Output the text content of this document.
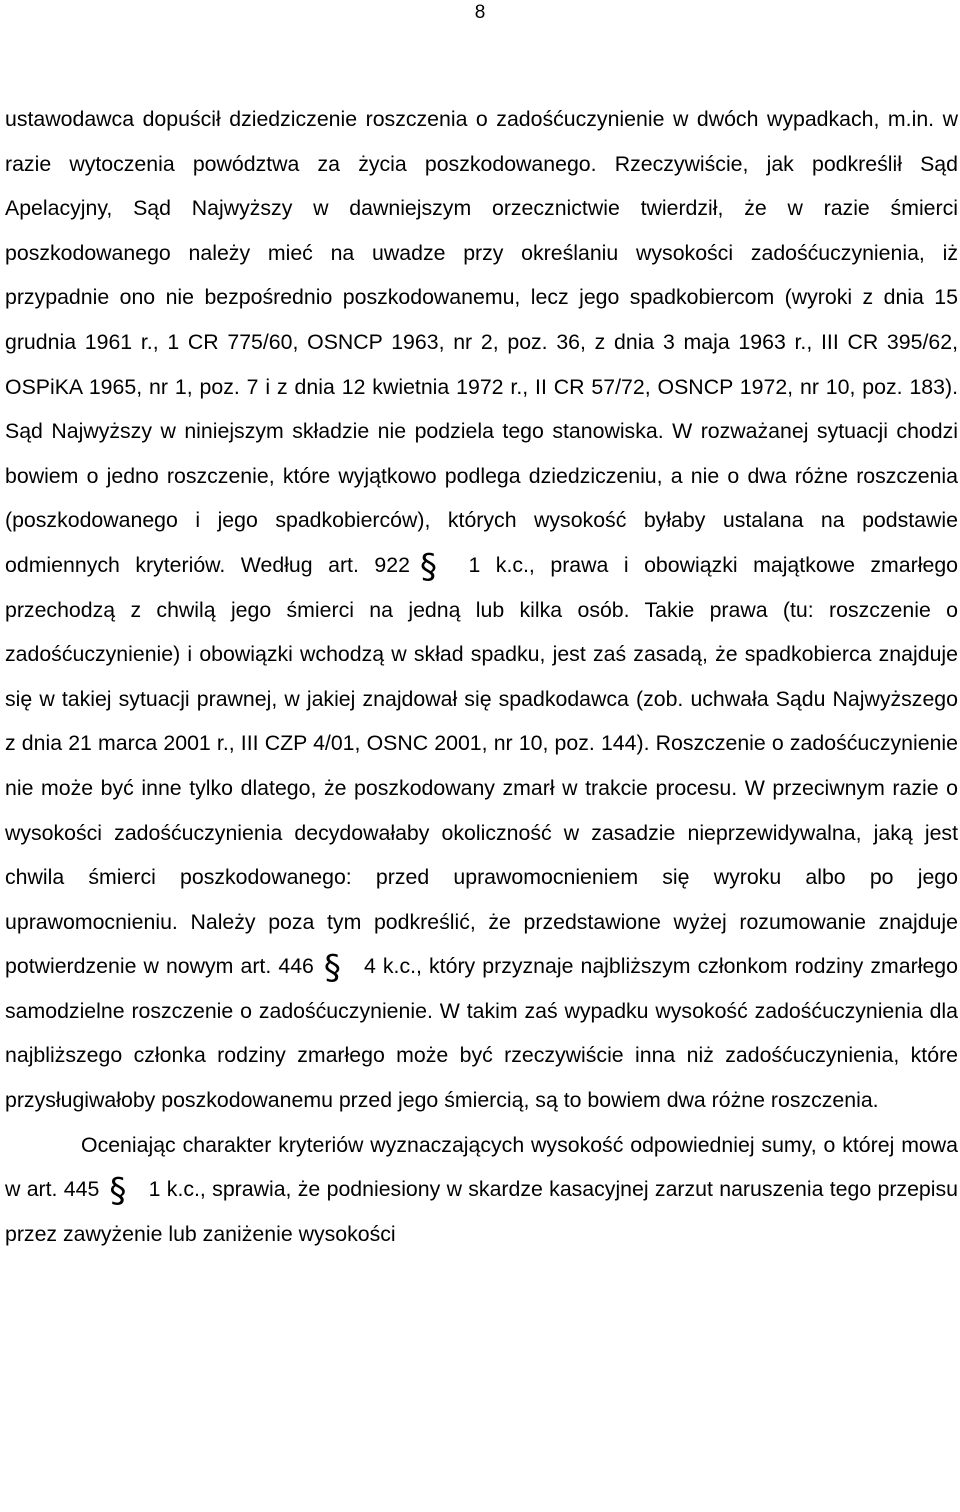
8

ustawodawca dopuścił dziedziczenie roszczenia o zadośćuczynienie w dwóch wypadkach, m.in. w razie wytoczenia powództwa za życia poszkodowanego. Rzeczywiście, jak podkreślił Sąd Apelacyjny, Sąd Najwyższy w dawniejszym orzecznictwie twierdził, że w razie śmierci poszkodowanego należy mieć na uwadze przy określaniu wysokości zadośćuczynienia, iż przypadnie ono nie bezpośrednio poszkodowanemu, lecz jego spadkobiercom (wyroki z dnia 15 grudnia 1961 r., 1 CR 775/60, OSNCP 1963, nr 2, poz. 36, z dnia 3 maja 1963 r., III CR 395/62, OSPiKA 1965, nr 1, poz. 7 i z dnia 12 kwietnia 1972 r., II CR 57/72, OSNCP 1972, nr 10, poz. 183). Sąd Najwyższy w niniejszym składzie nie podziela tego stanowiska. W rozważanej sytuacji chodzi bowiem o jedno roszczenie, które wyjątkowo podlega dziedziczeniu, a nie o dwa różne roszczenia (poszkodowanego i jego spadkobierców), których wysokość byłaby ustalana na podstawie odmiennych kryteriów. Według art. 922 § 1 k.c., prawa i obowiązki majątkowe zmarłego przechodzą z chwilą jego śmierci na jedną lub kilka osób. Takie prawa (tu: roszczenie o zadośćuczynienie) i obowiązki wchodzą w skład spadku, jest zaś zasadą, że spadkobierca znajduje się w takiej sytuacji prawnej, w jakiej znajdował się spadkodawca (zob. uchwała Sądu Najwyższego z dnia 21 marca 2001 r., III CZP 4/01, OSNC 2001, nr 10, poz. 144). Roszczenie o zadośćuczynienie nie może być inne tylko dlatego, że poszkodowany zmarł w trakcie procesu. W przeciwnym razie o wysokości zadośćuczynienia decydowałaby okoliczność w zasadzie nieprzewidywalna, jaką jest chwila śmierci poszkodowanego: przed uprawomocnieniem się wyroku albo po jego uprawomocnieniu. Należy poza tym podkreślić, że przedstawione wyżej rozumowanie znajduje potwierdzenie w nowym art. 446 § 4 k.c., który przyznaje najbliższym członkom rodziny zmarłego samodzielne roszczenie o zadośćuczynienie. W takim zaś wypadku wysokość zadośćuczynienia dla najbliższego członka rodziny zmarłego może być rzeczywiście inna niż zadośćuczynienia, które przysługiwałoby poszkodowanemu przed jego śmiercią, są to bowiem dwa różne roszczenia.

Oceniając charakter kryteriów wyznaczających wysokość odpowiedniej sumy, o której mowa w art. 445 § 1 k.c., sprawia, że podniesiony w skardze kasacyjnej zarzut naruszenia tego przepisu przez zawyżenie lub zaniżenie wysokości
